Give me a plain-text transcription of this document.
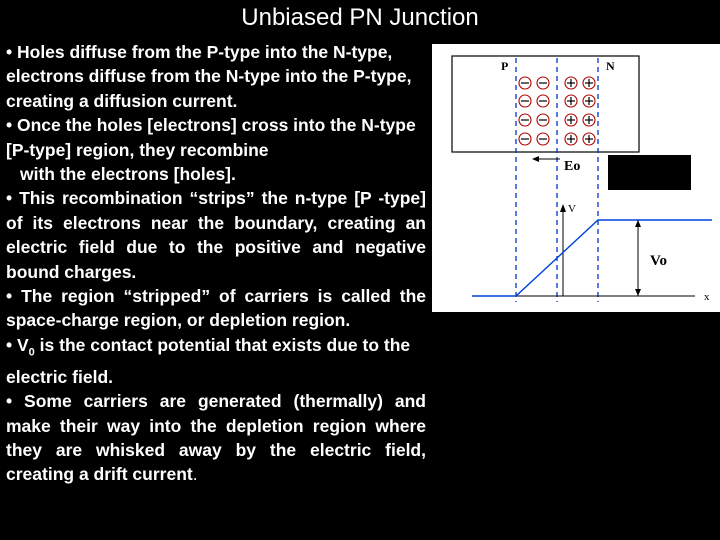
Unbiased PN Junction

• Holes diffuse from the P-type into the N-type, electrons diffuse from the N-type into the P-type, creating a diffusion current.

• Once the holes [electrons] cross into the N-type [P-type] region, they recombine

with the electrons [holes].

• This recombination “strips” the n-type [P -type] of its electrons near the boundary, creating an electric field due to the positive and negative bound charges.

• The region “stripped” of carriers is called the space-charge region, or depletion region.

• $V_0$ is the contact potential that exists due to the electric field.

• Some carriers are generated (thermally) and make their way into the depletion region where they are whisked away by the electric field, creating a drift current.

P	N
Eo
V
x
Vo
